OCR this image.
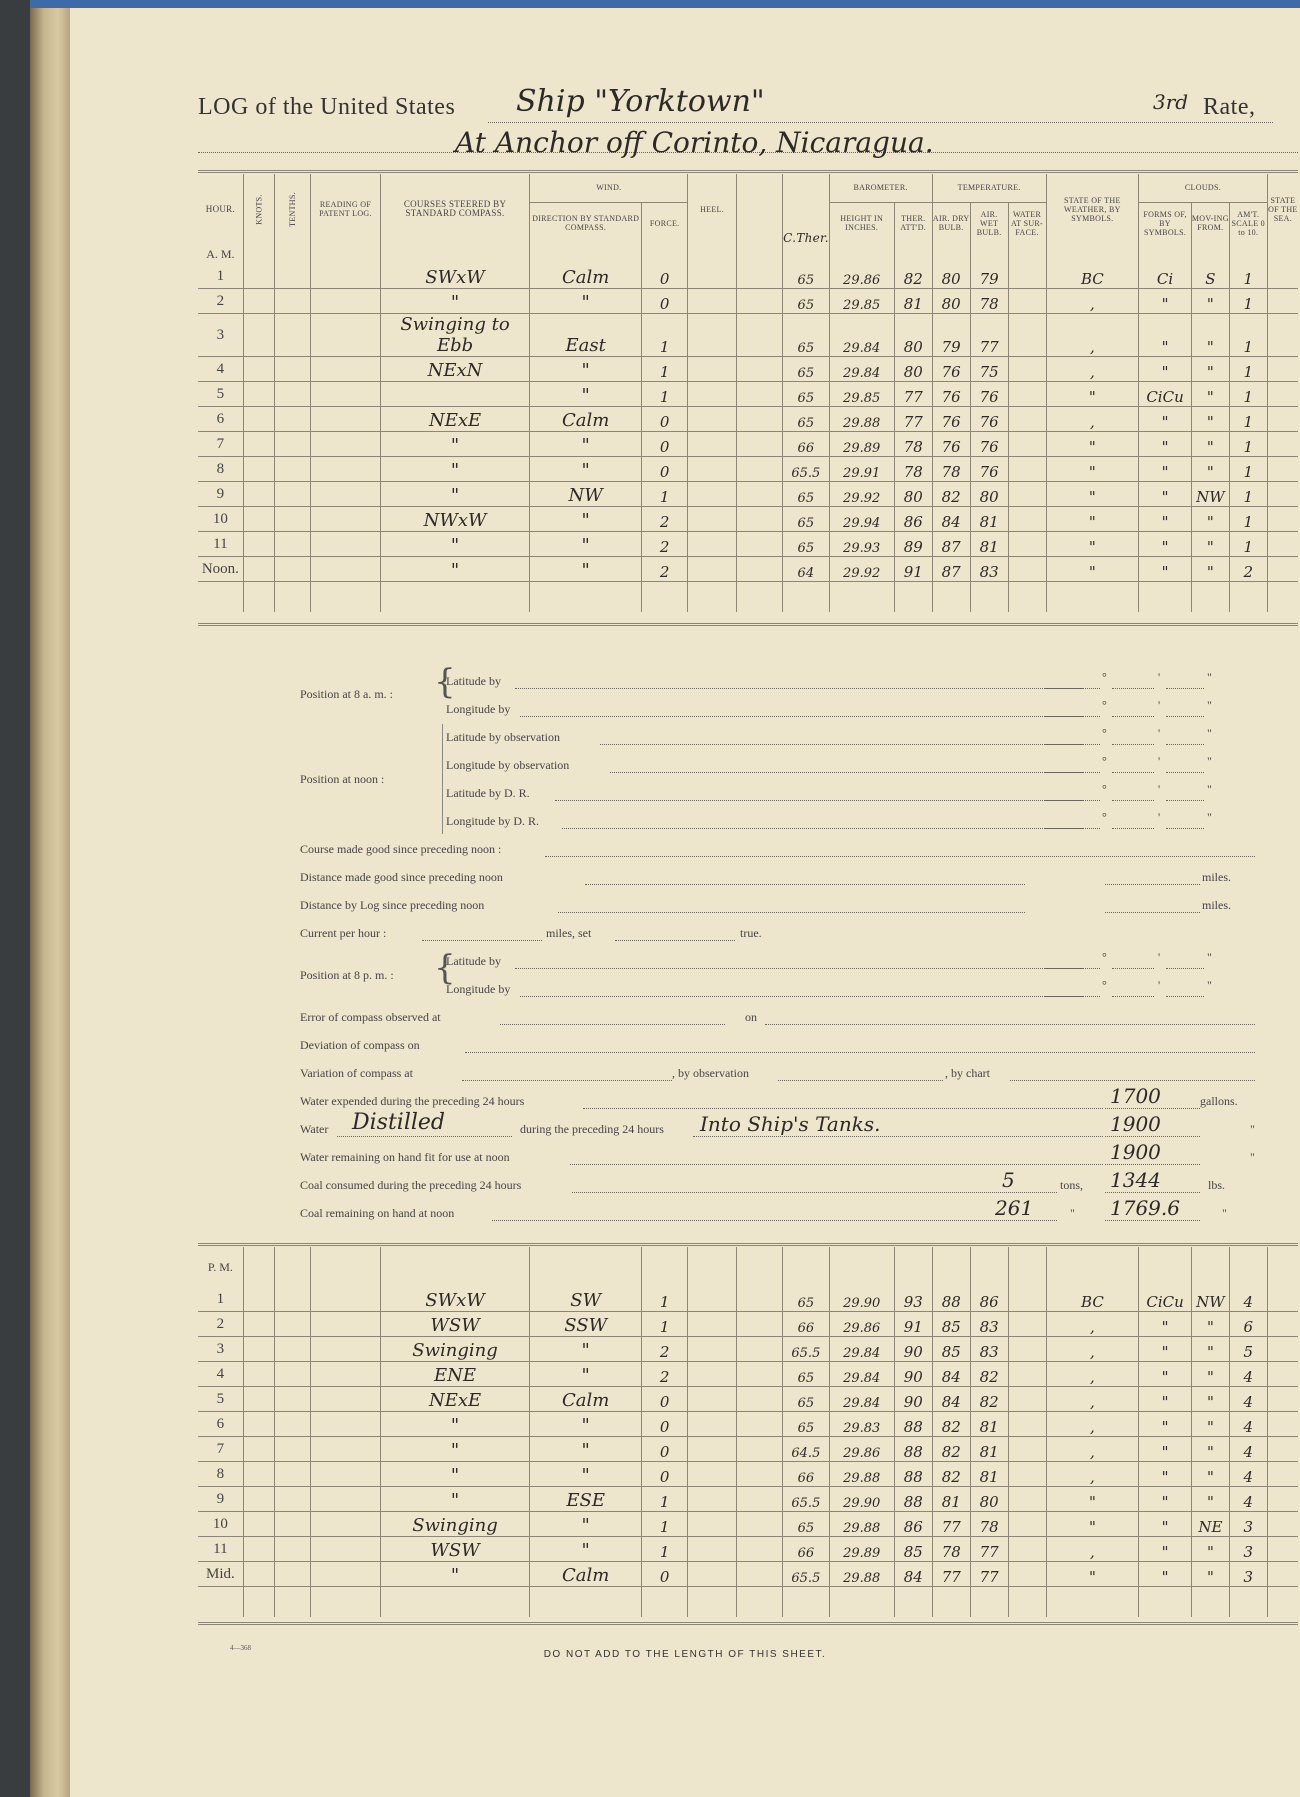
LOG of the United States Ship "Yorktown"	3rd Rate,
At Anchor off Corinto, Nicaragua.
HOUR.	KNOTS.	TENTHS.	READING OF PATENT LOG.	COURSES STEERED BY STANDARD COMPASS.	WIND.		HEEL.		C.Ther.	BAROMETER.		TEMPERATURE.			STATE OF THE WEATHER, BY SYMBOLS.	CLOUDS.			STATE OF THE SEA.
					DIRECTION BY STANDARD COMPASS.	FORCE.				HEIGHT IN INCHES.	THER. ATT'D.	AIR. DRY BULB.	AIR. WET BULB.	WATER AT SUR-FACE.		FORMS OF, BY SYMBOLS.	MOV-ING FROM.	AM'T. SCALE 0 to 10.	
A. M.																			
1				SWxW	Calm	0			65	29.86	82	80	79		BC	Ci	S	1	
2				"	"	0			65	29.85	81	80	78		,	"	"	1	
3				Swinging to Ebb	East	1			65	29.84	80	79	77		,	"	"	1	
4				NExN	"	1			65	29.84	80	76	75		,	"	"	1	
5					"	1			65	29.85	77	76	76		"	CiCu	"	1	
6				NExE	Calm	0			65	29.88	77	76	76		,	"	"	1	
7				"	"	0			66	29.89	78	76	76		"	"	"	1	
8				"	"	0			65.5	29.91	78	78	76		"	"	"	1	
9				"	NW	1			65	29.92	80	82	80		"	"	NW	1	
10				NWxW	"	2			65	29.94	86	84	81		"	"	"	1	
11				"	"	2			65	29.93	89	87	81		"	"	"	1	
Noon.				"	"	2			64	29.92	91	87	83		"	"	"	2	

Position at 8 a. m. : {
Latitude by
Longitude by
Position at noon :
Latitude by observation
Longitude by observation
Latitude by D. R.
Longitude by D. R.
Course made good since preceding noon :
Distance made good since preceding noon	miles.
Distance by Log since preceding noon	miles.
Current per hour :	miles, set	true.
Position at 8 p. m. : {
Latitude by
Longitude by
Error of compass observed at	on
Deviation of compass on
Variation of compass at	, by observation	, by chart
Water expended during the preceding 24 hours	1700	gallons.
Water Distilled	during the preceding 24 hours Into Ship's Tanks.	1900	"
Water remaining on hand fit for use at noon	1900	"
Coal consumed during the preceding 24 hours	5	tons, 1344	lbs.
Coal remaining on hand at noon	261	" 1769.6	"
°	'	"
°	'	"
°	'	"
°	'	"
°	'	"
°	'	"
°	'	"
°	'	"
P. M.																			
1				SWxW	SW	1			65	29.90	93	88	86		BC	CiCu	NW	4	
2				WSW	SSW	1			66	29.86	91	85	83		,	"	"	6	
3				Swinging	"	2			65.5	29.84	90	85	83		,	"	"	5	
4				ENE	"	2			65	29.84	90	84	82		,	"	"	4	
5				NExE	Calm	0			65	29.84	90	84	82		,	"	"	4	
6				"	"	0			65	29.83	88	82	81		,	"	"	4	
7				"	"	0			64.5	29.86	88	82	81		,	"	"	4	
8				"	"	0			66	29.88	88	82	81		,	"	"	4	
9				"	ESE	1			65.5	29.90	88	81	80		"	"	"	4	
10				Swinging	"	1			65	29.88	86	77	78		"	"	NE	3	
11				WSW	"	1			66	29.89	85	78	77		,	"	"	3	
Mid.				"	Calm	0			65.5	29.88	84	77	77		"	"	"	3	

4—368
DO NOT ADD TO THE LENGTH OF THIS SHEET.
